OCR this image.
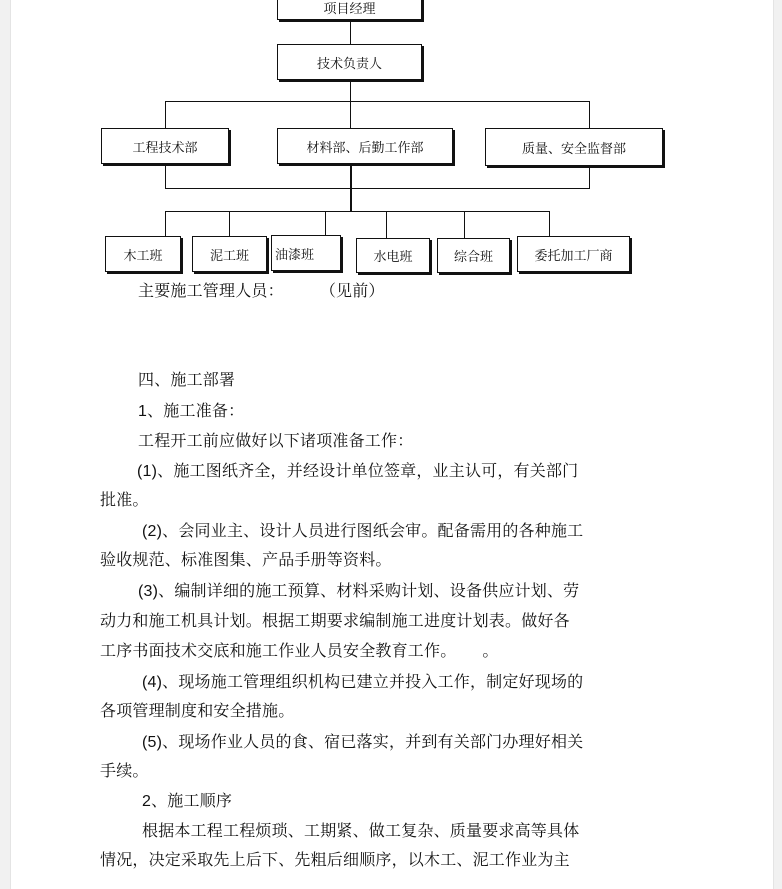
项目经理
技术负责人
工程技术部	材料部、后勤工作部	质量、安全监督部
木工班	泥工班 油漆班	水电班	综合班	委托加工厂商
主要施工管理人员：	（见前）
四、施工部署
1、施工准备：
工程开工前应做好以下诸项准备工作：
(1)、施工图纸齐全，并经设计单位签章，业主认可，有关部门
批准。
(2)、会同业主、设计人员进行图纸会审。配备需用的各种施工
验收规范、标准图集、产品手册等资料。
(3)、编制详细的施工预算、材料采购计划、设备供应计划、劳
动力和施工机具计划。根据工期要求编制施工进度计划表。做好各
工序书面技术交底和施工作业人员安全教育工作。 。
(4)、现场施工管理组织机构已建立并投入工作，制定好现场的
各项管理制度和安全措施。
(5)、现场作业人员的食、宿已落实，并到有关部门办理好相关
手续。
2、施工顺序
根据本工程工程烦琐、工期紧、做工复杂、质量要求高等具体
情况，决定采取先上后下、先粗后细顺序，以木工、泥工作业为主
